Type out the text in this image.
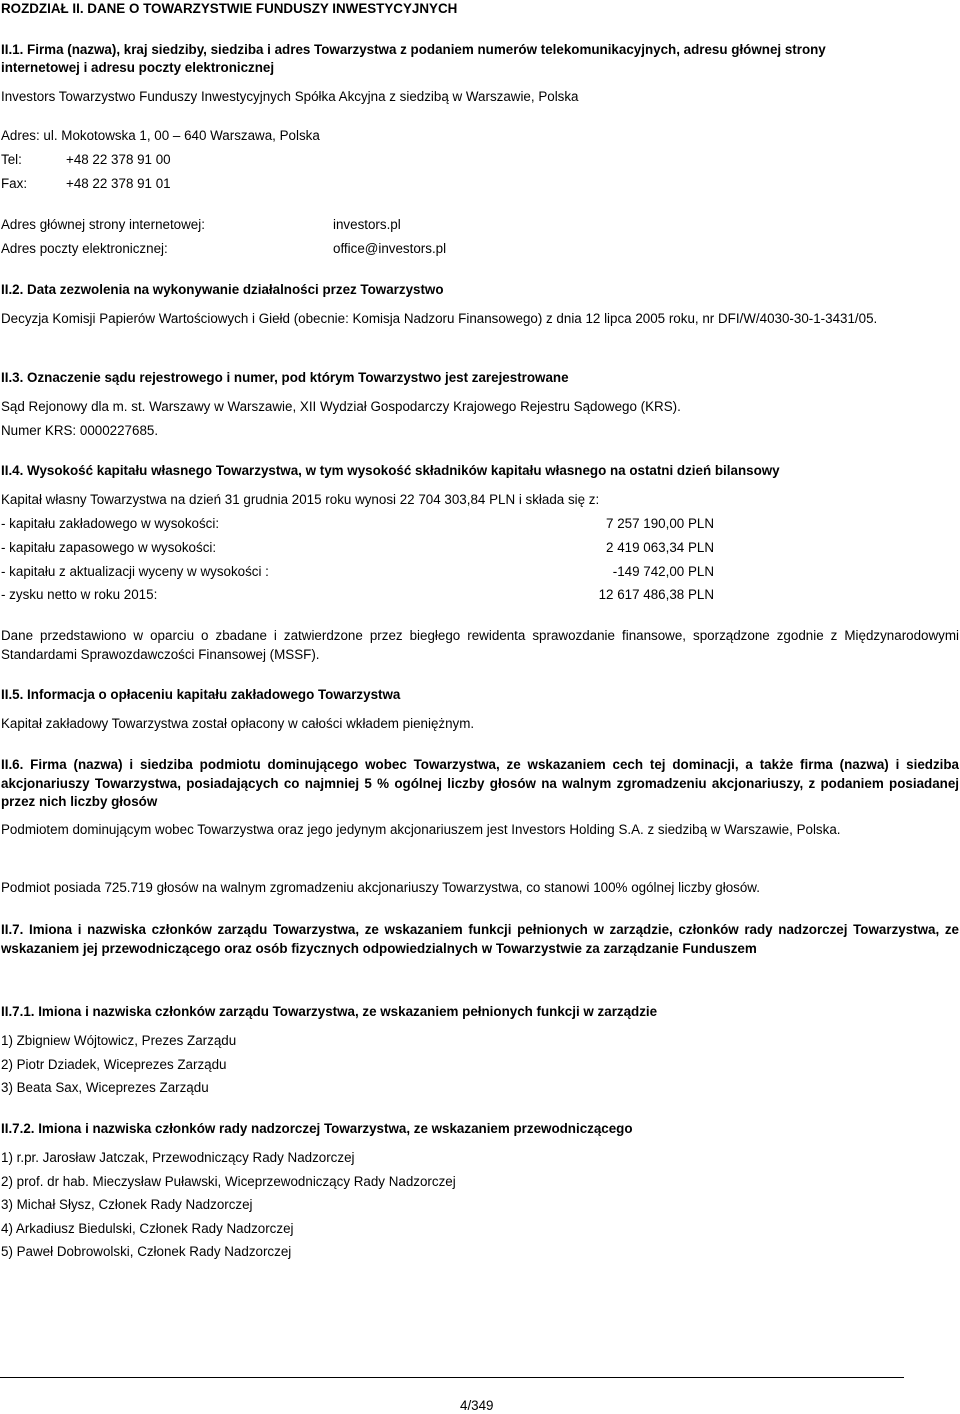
ROZDZIAŁ II. DANE O TOWARZYSTWIE FUNDUSZY INWESTYCYJNYCH

II.1. Firma (nazwa), kraj siedziby, siedziba i adres Towarzystwa z podaniem numerów telekomunikacyjnych, adresu głównej strony

internetowej i adresu poczty elektronicznej

Investors Towarzystwo Funduszy Inwestycyjnych Spółka Akcyjna z siedzibą w Warszawie, Polska

Adres: ul. Mokotowska 1, 00 – 640 Warszawa, Polska

Tel:	+48 22 378 91 00
Fax:	+48 22 378 91 01
Adres głównej strony internetowej:	investors.pl
Adres poczty elektronicznej:	office@investors.pl

II.2. Data zezwolenia na wykonywanie działalności przez Towarzystwo

Decyzja Komisji Papierów Wartościowych i Giełd (obecnie: Komisja Nadzoru Finansowego) z dnia 12 lipca 2005 roku, nr DFI/W/4030-30-1-3431/05.

II.3. Oznaczenie sądu rejestrowego i numer, pod którym Towarzystwo jest zarejestrowane

Sąd Rejonowy dla m. st. Warszawy w Warszawie, XII Wydział Gospodarczy Krajowego Rejestru Sądowego (KRS).

Numer KRS: 0000227685.

II.4. Wysokość kapitału własnego Towarzystwa, w tym wysokość składników kapitału własnego na ostatni dzień bilansowy

Kapitał własny Towarzystwa na dzień 31 grudnia 2015 roku wynosi 22 704 303,84 PLN i składa się z:

- kapitału zakładowego w wysokości:	7 257 190,00 PLN
- kapitału zapasowego w wysokości:	2 419 063,34 PLN
- kapitału z aktualizacji wyceny w wysokości :	-149 742,00 PLN
- zysku netto w roku 2015:	12 617 486,38 PLN

Dane przedstawiono w oparciu o zbadane i zatwierdzone przez biegłego rewidenta sprawozdanie finansowe, sporządzone zgodnie z Międzynarodowymi Standardami Sprawozdawczości Finansowej (MSSF).

II.5. Informacja o opłaceniu kapitału zakładowego Towarzystwa

Kapitał zakładowy Towarzystwa został opłacony w całości wkładem pieniężnym.

II.6. Firma (nazwa) i siedziba podmiotu dominującego wobec Towarzystwa, ze wskazaniem cech tej dominacji, a także firma (nazwa) i siedziba akcjonariuszy Towarzystwa, posiadających co najmniej 5 % ogólnej liczby głosów na walnym zgromadzeniu akcjonariuszy, z podaniem posiadanej przez nich liczby głosów

Podmiotem dominującym wobec Towarzystwa oraz jego jedynym akcjonariuszem jest Investors Holding S.A. z siedzibą w Warszawie, Polska.

Podmiot posiada 725.719 głosów na walnym zgromadzeniu akcjonariuszy Towarzystwa, co stanowi 100% ogólnej liczby głosów.

II.7. Imiona i nazwiska członków zarządu Towarzystwa, ze wskazaniem funkcji pełnionych w zarządzie, członków rady nadzorczej Towarzystwa, ze wskazaniem jej przewodniczącego oraz osób fizycznych odpowiedzialnych w Towarzystwie za zarządzanie Funduszem

II.7.1. Imiona i nazwiska członków zarządu Towarzystwa, ze wskazaniem pełnionych funkcji w zarządzie

1) Zbigniew Wójtowicz, Prezes Zarządu

2) Piotr Dziadek, Wiceprezes Zarządu

3) Beata Sax, Wiceprezes Zarządu

II.7.2. Imiona i nazwiska członków rady nadzorczej Towarzystwa, ze wskazaniem przewodniczącego

1) r.pr. Jarosław Jatczak, Przewodniczący Rady Nadzorczej

2) prof. dr hab. Mieczysław Puławski, Wiceprzewodniczący Rady Nadzorczej

3) Michał Słysz, Członek Rady Nadzorczej

4) Arkadiusz Biedulski, Członek Rady Nadzorczej

5) Paweł Dobrowolski, Członek Rady Nadzorczej

4/349
